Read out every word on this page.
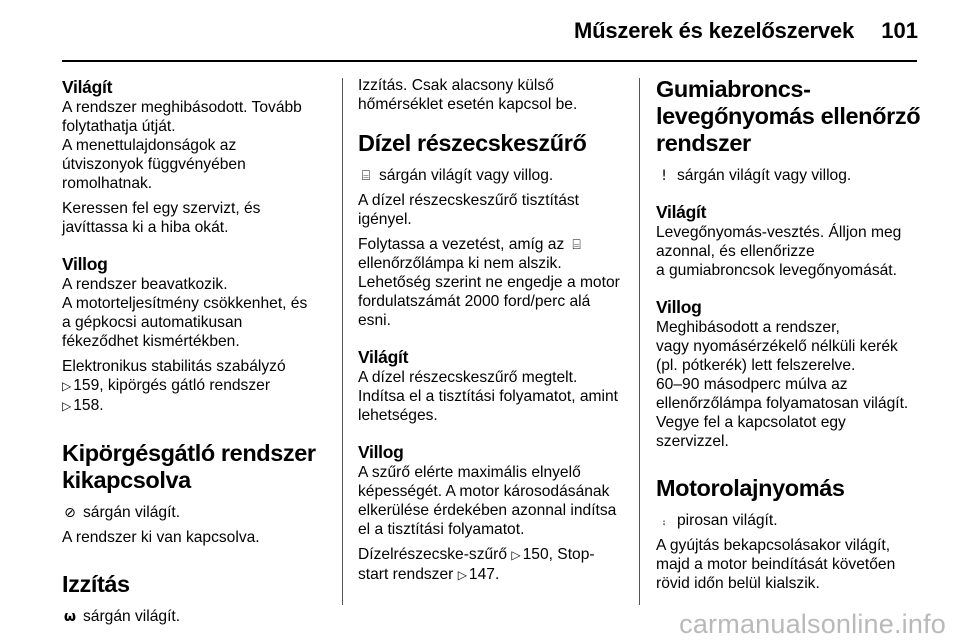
Műszerek és kezelőszervek 101
Világít

A rendszer meghibásodott. Tovább
folytathatja útját.
A menettulajdonságok az
útviszonyok függvényében
romolhatnak.

Keressen fel egy szervizt, és
javíttassa ki a hiba okát.

Villog

A rendszer beavatkozik.
A motorteljesítmény csökkenhet, és
a gépkocsi automatikusan
fékeződhet kismértékben.

Elektronikus stabilitás szabályzó
▷ 159, kipörgés gátló rendszer
▷ 158.

Kipörgésgátló rendszer
kikapcsolva

⊘ sárgán világít.

A rendszer ki van kapcsolva.

Izzítás

ω sárgán világít.

Izzítás. Csak alacsony külső
hőmérséklet esetén kapcsol be.

Dízel részecskeszűrő

⌸ sárgán világít vagy villog.

A dízel részecskeszűrő tisztítást
igényel.

Folytassa a vezetést, amíg az ⌸
ellenőrzőlámpa ki nem alszik.
Lehetőség szerint ne engedje a motor
fordulatszámát 2000 ford/perc alá
esni.

Világít

A dízel részecskeszűrő megtelt.
Indítsa el a tisztítási folyamatot, amint
lehetséges.

Villog

A szűrő elérte maximális elnyelő
képességét. A motor károsodásának
elkerülése érdekében azonnal indítsa
el a tisztítási folyamatot.

Dízelrészecske-szűrő ▷ 150, Stop-
start rendszer ▷ 147.

Gumiabroncs-
levegőnyomás ellenőrző
rendszer

! sárgán világít vagy villog.

Világít

Levegőnyomás-vesztés. Álljon meg
azonnal, és ellenőrizze
a gumiabroncsok levegőnyomását.

Villog

Meghibásodott a rendszer,
vagy nyomásérzékelő nélküli kerék
(pl. pótkerék) lett felszerelve.
60–90 másodperc múlva az
ellenőrzőlámpa folyamatosan világít.
Vegye fel a kapcsolatot egy
szervizzel.

Motorolajnyomás

⨾ pirosan világít.

A gyújtás bekapcsolásakor világít,
majd a motor beindítását követően
rövid időn belül kialszik.

carmanualsonline.info
